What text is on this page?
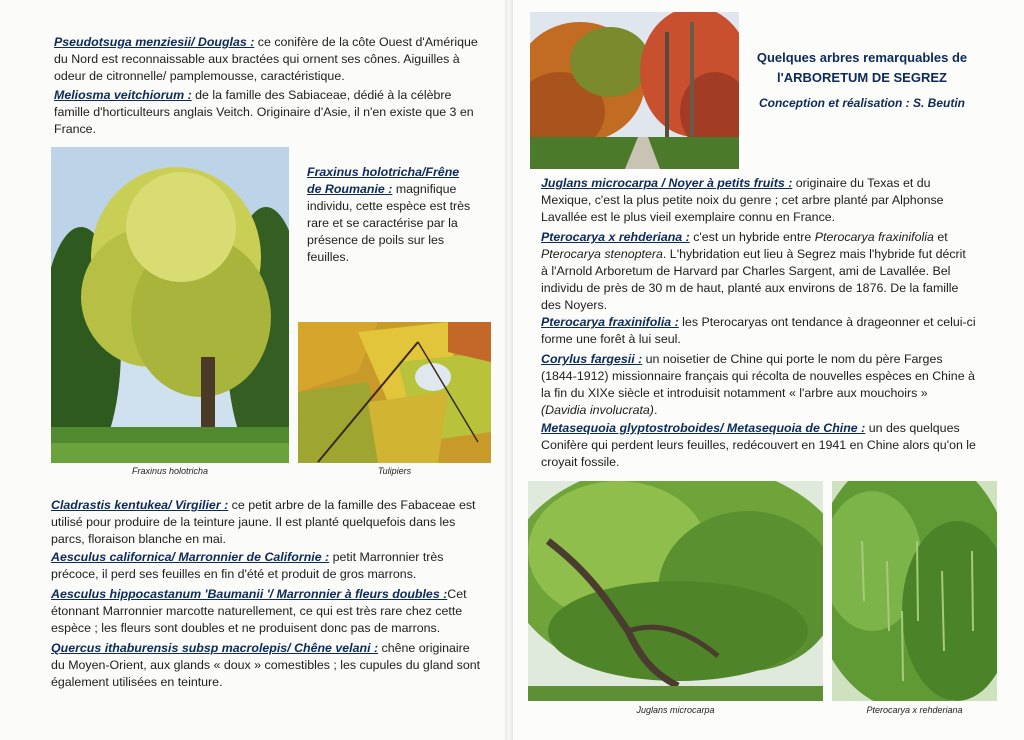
Pseudotsuga menziesii/ Douglas : ce conifère de la côte Ouest d'Amérique du Nord est reconnaissable aux bractées qui ornent ses cônes. Aiguilles à odeur de citronnelle/ pamplemousse, caractéristique.
Meliosma veitchiorum : de la famille des Sabiaceae, dédié à la célèbre famille d'horticulteurs anglais Veitch. Originaire d'Asie, il n'en existe que 3 en France.
Fraxinus holotricha
Fraxinus holotricha/Frêne de Roumanie : magnifique individu, cette espèce est très rare et se caractérise par la présence de poils sur les feuilles.
Tulipiers
Cladrastis kentukea/ Virgilier : ce petit arbre de la famille des Fabaceae est utilisé pour produire de la teinture jaune. Il est planté quelquefois dans les parcs, floraison blanche en mai.
Aesculus californica/ Marronnier de Californie : petit Marronnier très précoce, il perd ses feuilles en fin d'été et produit de gros marrons.
Aesculus hippocastanum 'Baumanii '/ Marronnier à fleurs doubles :Cet étonnant Marronnier marcotte naturellement, ce qui est très rare chez cette espèce ; les fleurs sont doubles et ne produisent donc pas de marrons.
Quercus ithaburensis subsp macrolepis/ Chêne velani : chêne originaire du Moyen-Orient, aux glands « doux » comestibles ; les cupules du gland sont également utilisées en teinture.
Quelques arbres remarquables de
l'ARBORETUM DE SEGREZ
Conception et réalisation : S. Beutin
Juglans microcarpa / Noyer à petits fruits : originaire du Texas et du Mexique, c'est la plus petite noix du genre ; cet arbre planté par Alphonse Lavallée est le plus vieil exemplaire connu en France.
Pterocarya x rehderiana : c'est un hybride entre Pterocarya fraxinifolia et Pterocarya stenoptera. L'hybridation eut lieu à Segrez mais l'hybride fut décrit à l'Arnold Arboretum de Harvard par Charles Sargent, ami de Lavallée. Bel individu de près de 30 m de haut, planté aux environs de 1876. De la famille des Noyers.
Pterocarya fraxinifolia : les Pterocaryas ont tendance à drageonner et celui-ci forme une forêt à lui seul.
Corylus fargesii : un noisetier de Chine qui porte le nom du père Farges (1844-1912) missionnaire français qui récolta de nouvelles espèces en Chine à la fin du XIXe siècle et introduisit notamment « l'arbre aux mouchoirs » (Davidia involucrata).
Metasequoia glyptostroboides/ Metasequoia de Chine : un des quelques Conifère qui perdent leurs feuilles, redécouvert en 1941 en Chine alors qu'on le croyait fossile.
Juglans microcarpa	Pterocarya x rehderiana
